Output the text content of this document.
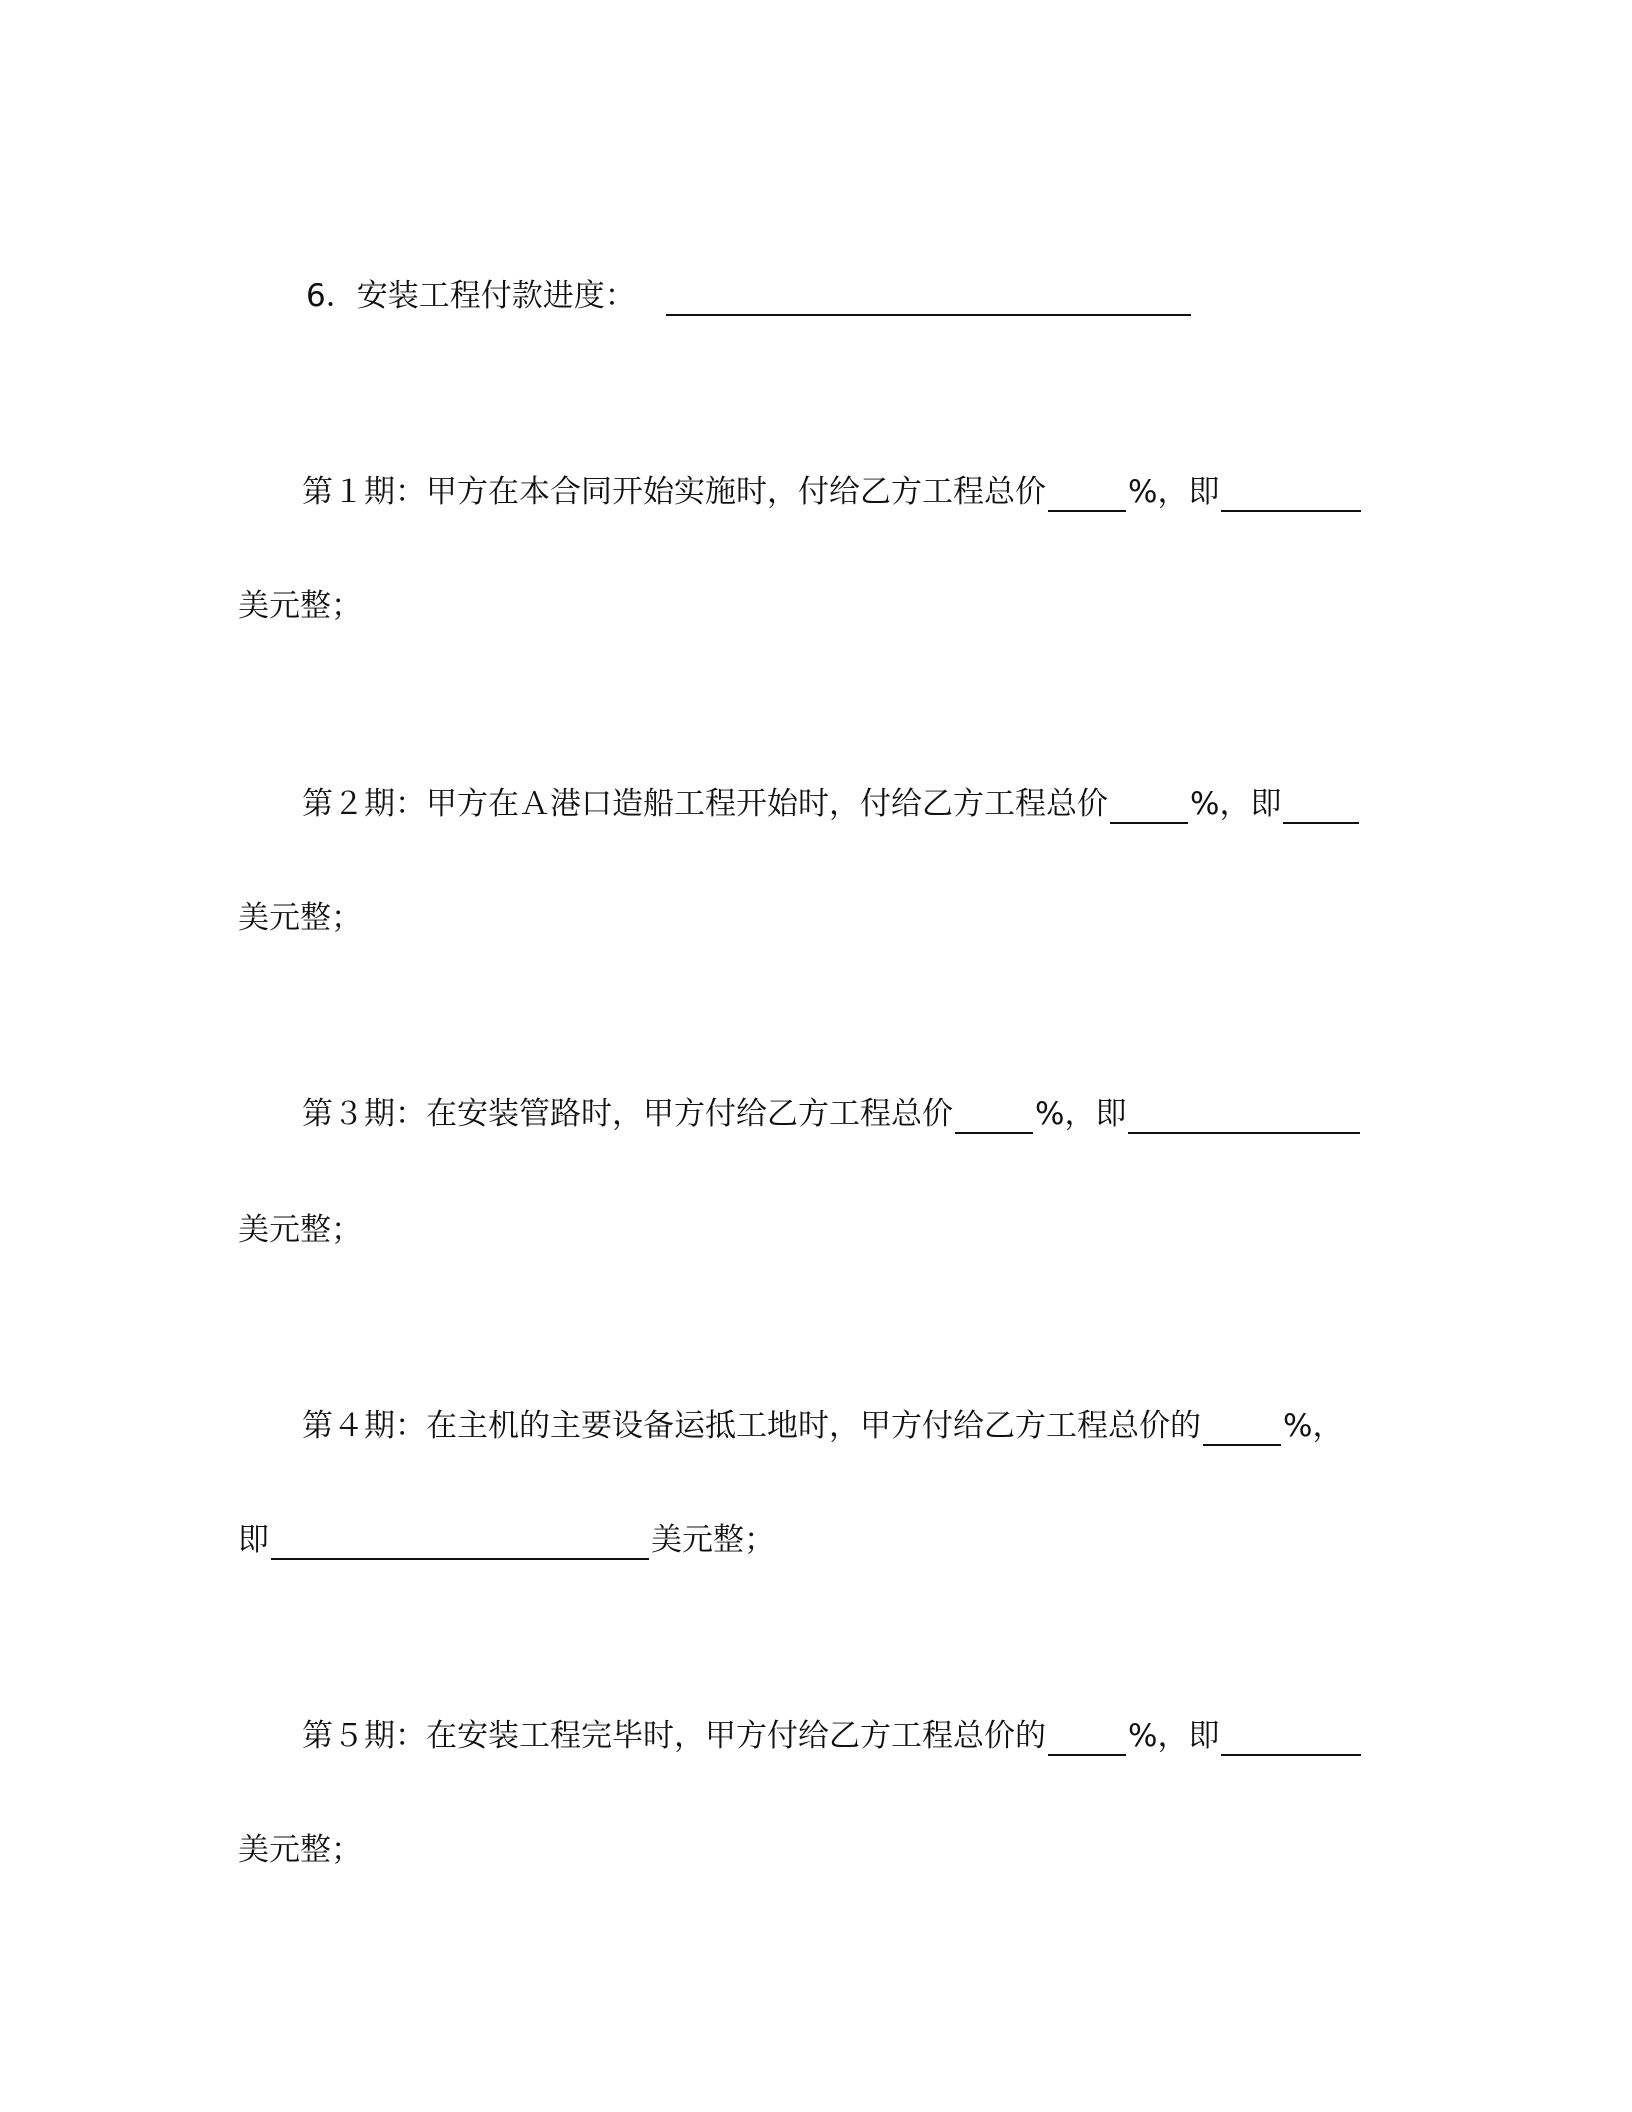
6． 安装工程付款进度：
第１期：甲方在本合同开始实施时，付给乙方工程总价	%，即
美元整；
第２期：甲方在Ａ港口造船工程开始时，付给乙方工程总价	%，即
美元整；
第３期：在安装管路时，甲方付给乙方工程总价	%，即
美元整；
第４期：在主机的主要设备运抵工地时，甲方付给乙方工程总价的	%，
即	美元整；
第５期：在安装工程完毕时，甲方付给乙方工程总价的	%，即
美元整；
